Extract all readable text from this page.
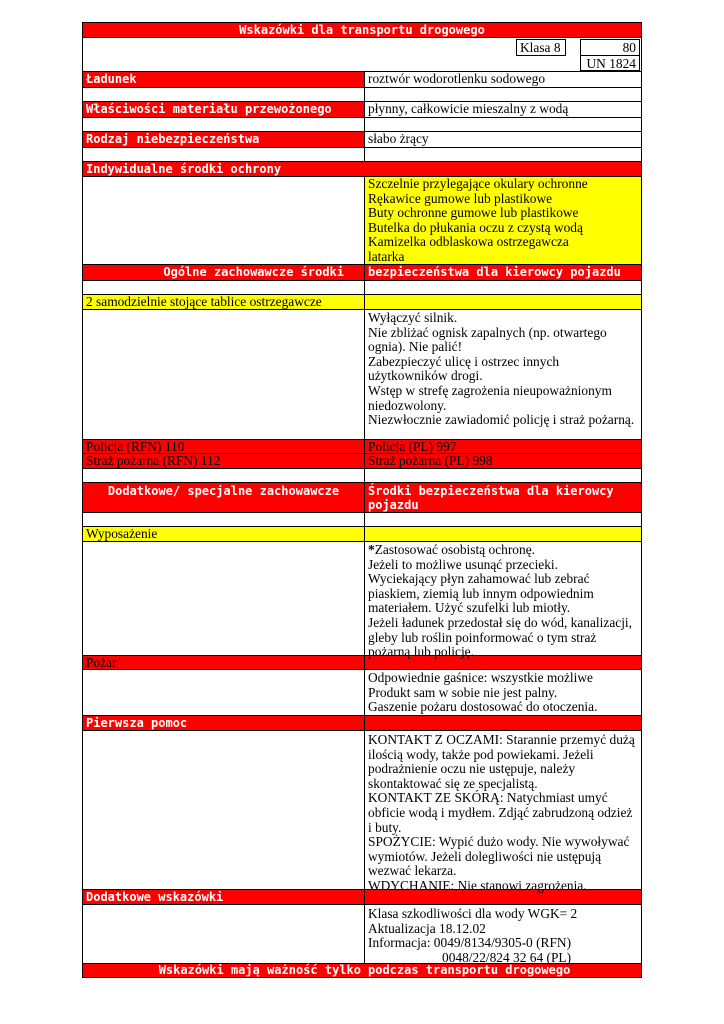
Wskazówki dla transportu drogowego
Klasa 8	80
UN 1824
Ładunek	roztwór wodorotlenku sodowego
Właściwości materiału przewożonego	płynny, całkowicie mieszalny z wodą
Rodzaj niebezpieczeństwa	słabo żrący
Indywidualne środki ochrony
Szczelnie przylegające okulary ochronne
Rękawice gumowe lub plastikowe
Buty ochronne gumowe lub plastikowe
Butelka do płukania oczu z czystą wodą
Kamizelka odblaskowa ostrzegawcza
latarka
Ogólne zachowawcze środki	bezpieczeństwa dla kierowcy pojazdu
2 samodzielnie stojące tablice ostrzegawcze
Wyłączyć silnik.
Nie zbliżać ognisk zapalnych (np. otwartego ognia). Nie palić!
Zabezpieczyć ulicę i ostrzec innych użytkowników drogi.
Wstęp w strefę zagrożenia nieupoważnionym niedozwolony.
Niezwłocznie zawiadomić policję i straż pożarną.
Policja (RFN) 110	Policja (PL) 997
Straż pożarna (RFN) 112	Straż pożarna (PL) 998
Dodatkowe/ specjalne zachowawcze	Środki bezpieczeństwa dla kierowcy pojazdu
Wyposażenie
*Zastosować osobistą ochronę.
Jeżeli to możliwe usunąć przecieki.
Wyciekający płyn zahamować lub zebrać piaskiem, ziemią lub innym odpowiednim materiałem. Użyć szufelki lub miotły.
Jeżeli ładunek przedostał się do wód, kanalizacji, gleby lub roślin poinformować o tym straż pożarną lub policję.
Pożar
Odpowiednie gaśnice: wszystkie możliwe
Produkt sam w sobie nie jest palny.
Gaszenie pożaru dostosować do otoczenia.
Pierwsza pomoc
KONTAKT Z OCZAMI: Starannie przemyć dużą ilością wody, także pod powiekami. Jeżeli podrażnienie oczu nie ustępuje, należy skontaktować się ze specjalistą.
KONTAKT ZE SKÓRĄ: Natychmiast umyć obficie wodą i mydłem. Zdjąć zabrudzoną odzież i buty.
SPOŻYCIE: Wypić dużo wody. Nie wywoływać wymiotów. Jeżeli dolegliwości nie ustępują wezwać lekarza.
WDYCHANIE: Nie stanowi zagrożenia.
Dodatkowe wskazówki
Klasa szkodliwości dla wody WGK= 2
Aktualizacja 18.12.02
Informacja: 0049/8134/9305-0 (RFN)
0048/22/824 32 64 (PL)
Wskazówki mają ważność tylko podczas transportu drogowego
